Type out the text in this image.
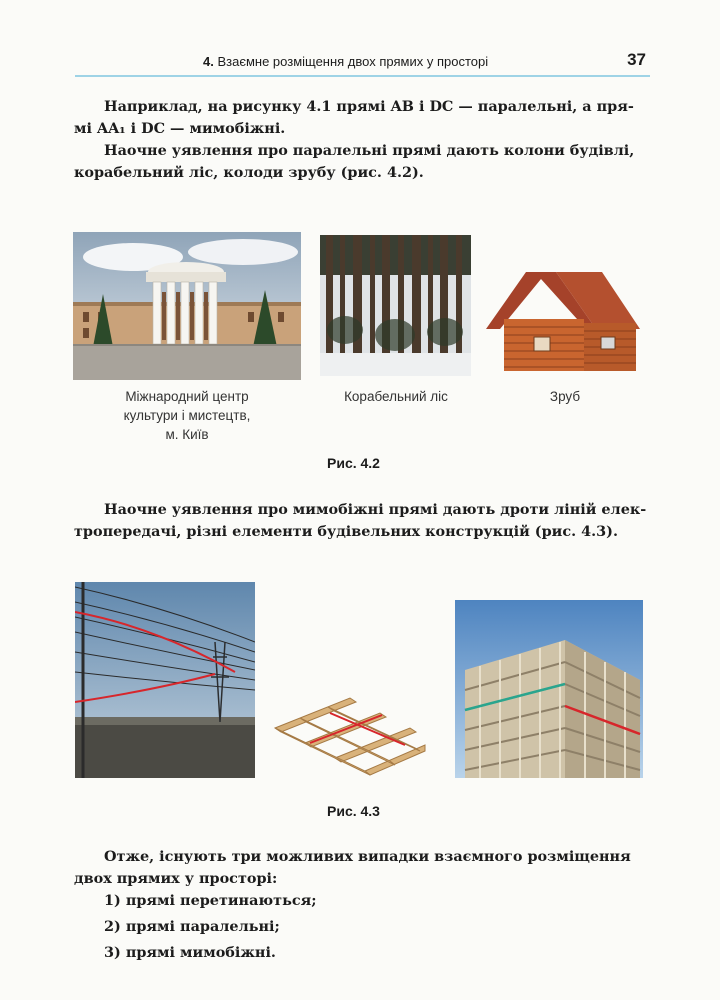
4. Взаємне розміщення двох прямих у просторі	37
Наприклад, на рисунку 4.1 прямі AB і DC — паралельні, а пря-
мі AA₁ і DC — мимобіжні.
Наочне уявлення про паралельні прямі дають колони будівлі,
корабельний ліс, колоди зрубу (рис. 4.2).
Міжнародний центр
культури і мистецтв,
м. Київ
Корабельний ліс	Зруб
Рис. 4.2
Наочне уявлення про мимобіжні прямі дають дроти ліній елек-
тропередачі, різні елементи будівельних конструкцій (рис. 4.3).
Рис. 4.3
Отже, існують три можливих випадки взаємного розміщення
двох прямих у просторі:
1) прямі перетинаються;
2) прямі паралельні;
3) прямі мимобіжні.
